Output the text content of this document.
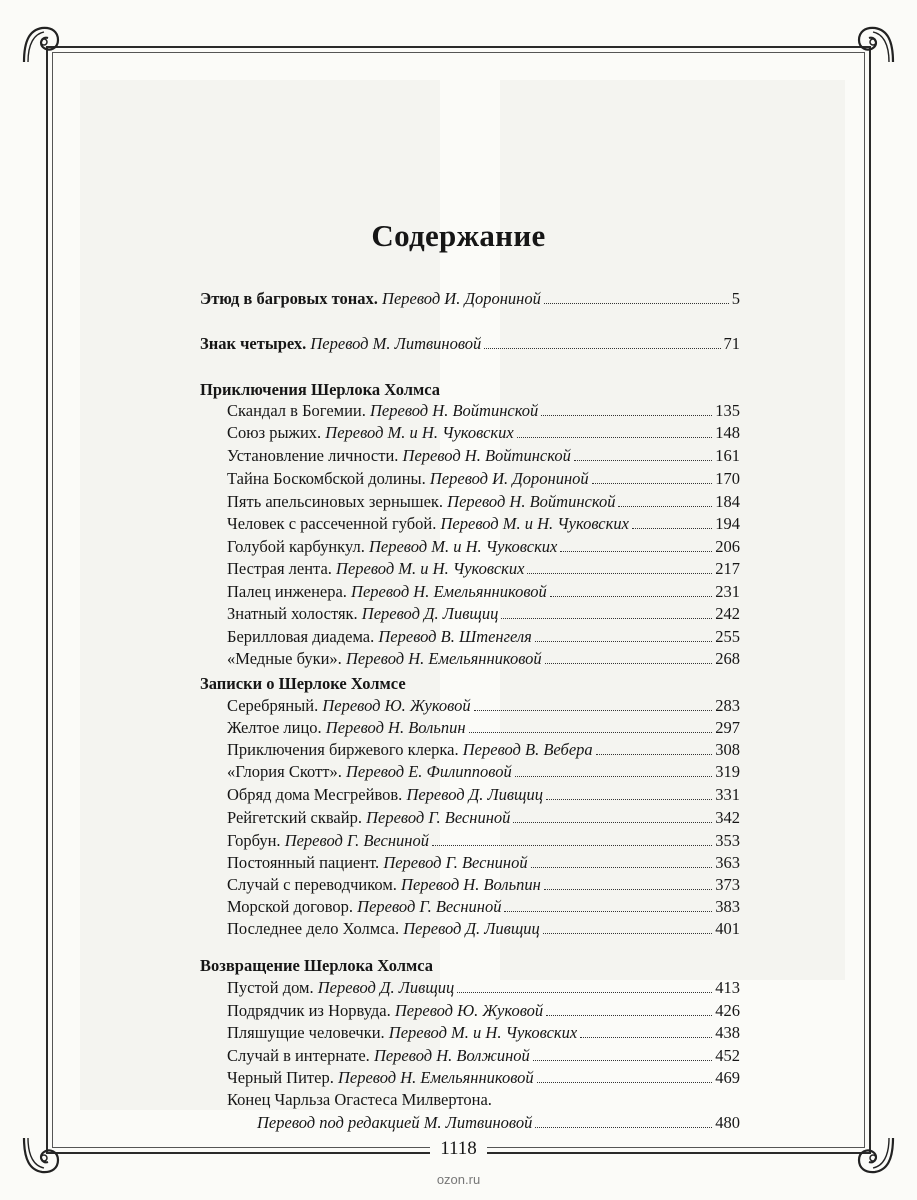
Содержание
Этюд в багровых тонах. Перевод И. Дорониной	5
Знак четырех. Перевод М. Литвиновой	71
Приключения Шерлока Холмса
Скандал в Богемии. Перевод Н. Войтинской	135
Союз рыжих. Перевод М. и Н. Чуковских	148
Установление личности. Перевод Н. Войтинской	161
Тайна Боскомбской долины. Перевод И. Дорониной	170
Пять апельсиновых зернышек. Перевод Н. Войтинской	184
Человек с рассеченной губой. Перевод М. и Н. Чуковских	194
Голубой карбункул. Перевод М. и Н. Чуковских	206
Пестрая лента. Перевод М. и Н. Чуковских	217
Палец инженера. Перевод Н. Емельянниковой	231
Знатный холостяк. Перевод Д. Ливщиц	242
Берилловая диадема. Перевод В. Штенгеля	255
«Медные буки». Перевод Н. Емельянниковой	268
Записки о Шерлоке Холмсе
Серебряный. Перевод Ю. Жуковой	283
Желтое лицо. Перевод Н. Вольпин	297
Приключения биржевого клерка. Перевод В. Вебера	308
«Глория Скотт». Перевод Е. Филипповой	319
Обряд дома Месгрейвов. Перевод Д. Ливщиц	331
Рейгетский сквайр. Перевод Г. Весниной	342
Горбун. Перевод Г. Весниной	353
Постоянный пациент. Перевод Г. Весниной	363
Случай с переводчиком. Перевод Н. Вольпин	373
Морской договор. Перевод Г. Весниной	383
Последнее дело Холмса. Перевод Д. Ливщиц	401
Возвращение Шерлока Холмса
Пустой дом. Перевод Д. Ливщиц	413
Подрядчик из Норвуда. Перевод Ю. Жуковой	426
Пляшущие человечки. Перевод М. и Н. Чуковских	438
Случай в интернате. Перевод Н. Волжиной	452
Черный Питер. Перевод Н. Емельянниковой	469
Конец Чарльза Огастеса Милвертона.
Перевод под редакцией М. Литвиновой	480
1118
ozon.ru
